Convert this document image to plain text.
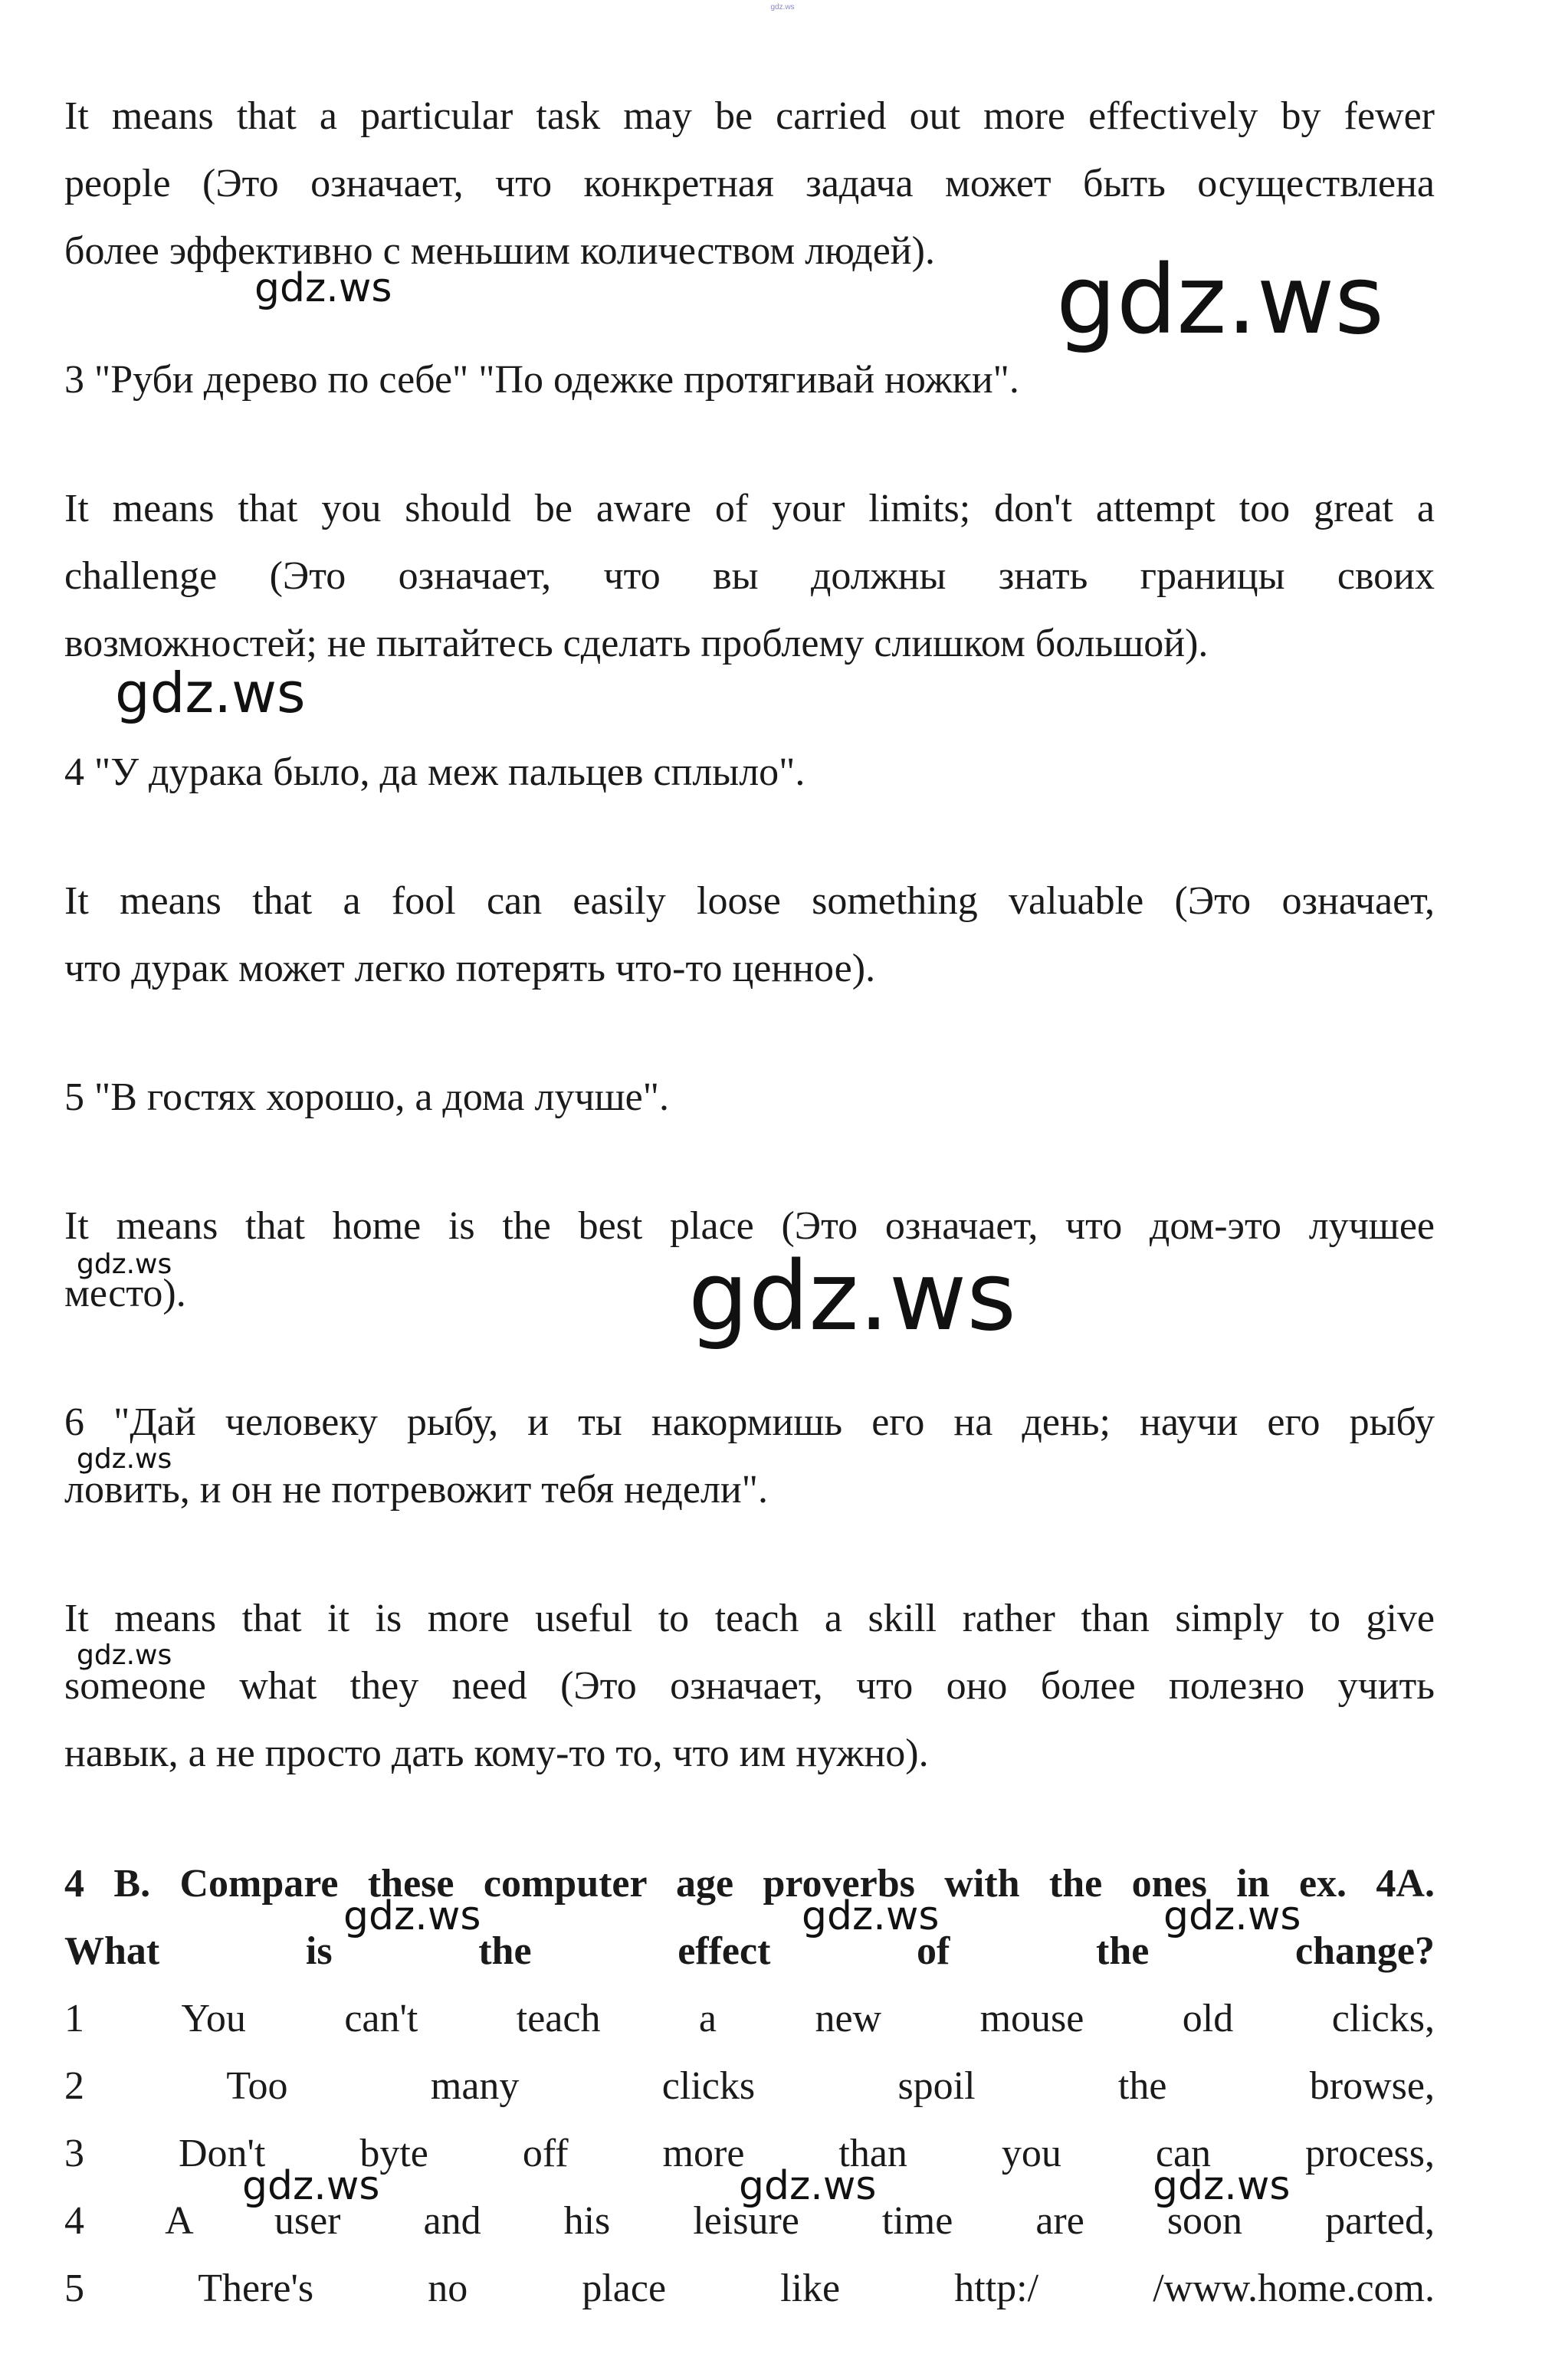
gdz.ws
It means that a particular task may be carried out more effectively by fewer
people (Это означает, что конкретная задача может быть осуществлена
более эффективно с меньшим количеством людей).
3 "Руби дерево по себе" "По одежке протягивай ножки".
It means that you should be aware of your limits; don't attempt too great a
challenge (Это означает, что вы должны знать границы своих
возможностей; не пытайтесь сделать проблему слишком большой).
4 "У дурака было, да меж пальцев сплыло".
It means that a fool can easily loose something valuable (Это означает,
что дурак может легко потерять что-то ценное).
5 "В гостях хорошо, а дома лучше".
It means that home is the best place (Это означает, что дом-это лучшее
место).
6 "Дай человеку рыбу, и ты накормишь его на день; научи его рыбу
ловить, и он не потревожит тебя недели".
It means that it is more useful to teach a skill rather than simply to give
someone what they need (Это означает, что оно более полезно учить
навык, а не просто дать кому-то то, что им нужно).
4 B. Compare these computer age proverbs with the ones in ex. 4A.
What is the effect of the change?
1 You can't teach a new mouse old clicks,
2 Too many clicks spoil the browse,
3 Don't byte off more than you can process,
4 A user and his leisure time are soon parted,
5 There's no place like http:/ /www.home.com.
gdz.ws	gdz.ws
gdz.ws
gdz.ws	gdz.ws
gdz.ws
gdz.ws
gdz.ws	gdz.ws	gdz.ws
gdz.ws	gdz.ws	gdz.ws
